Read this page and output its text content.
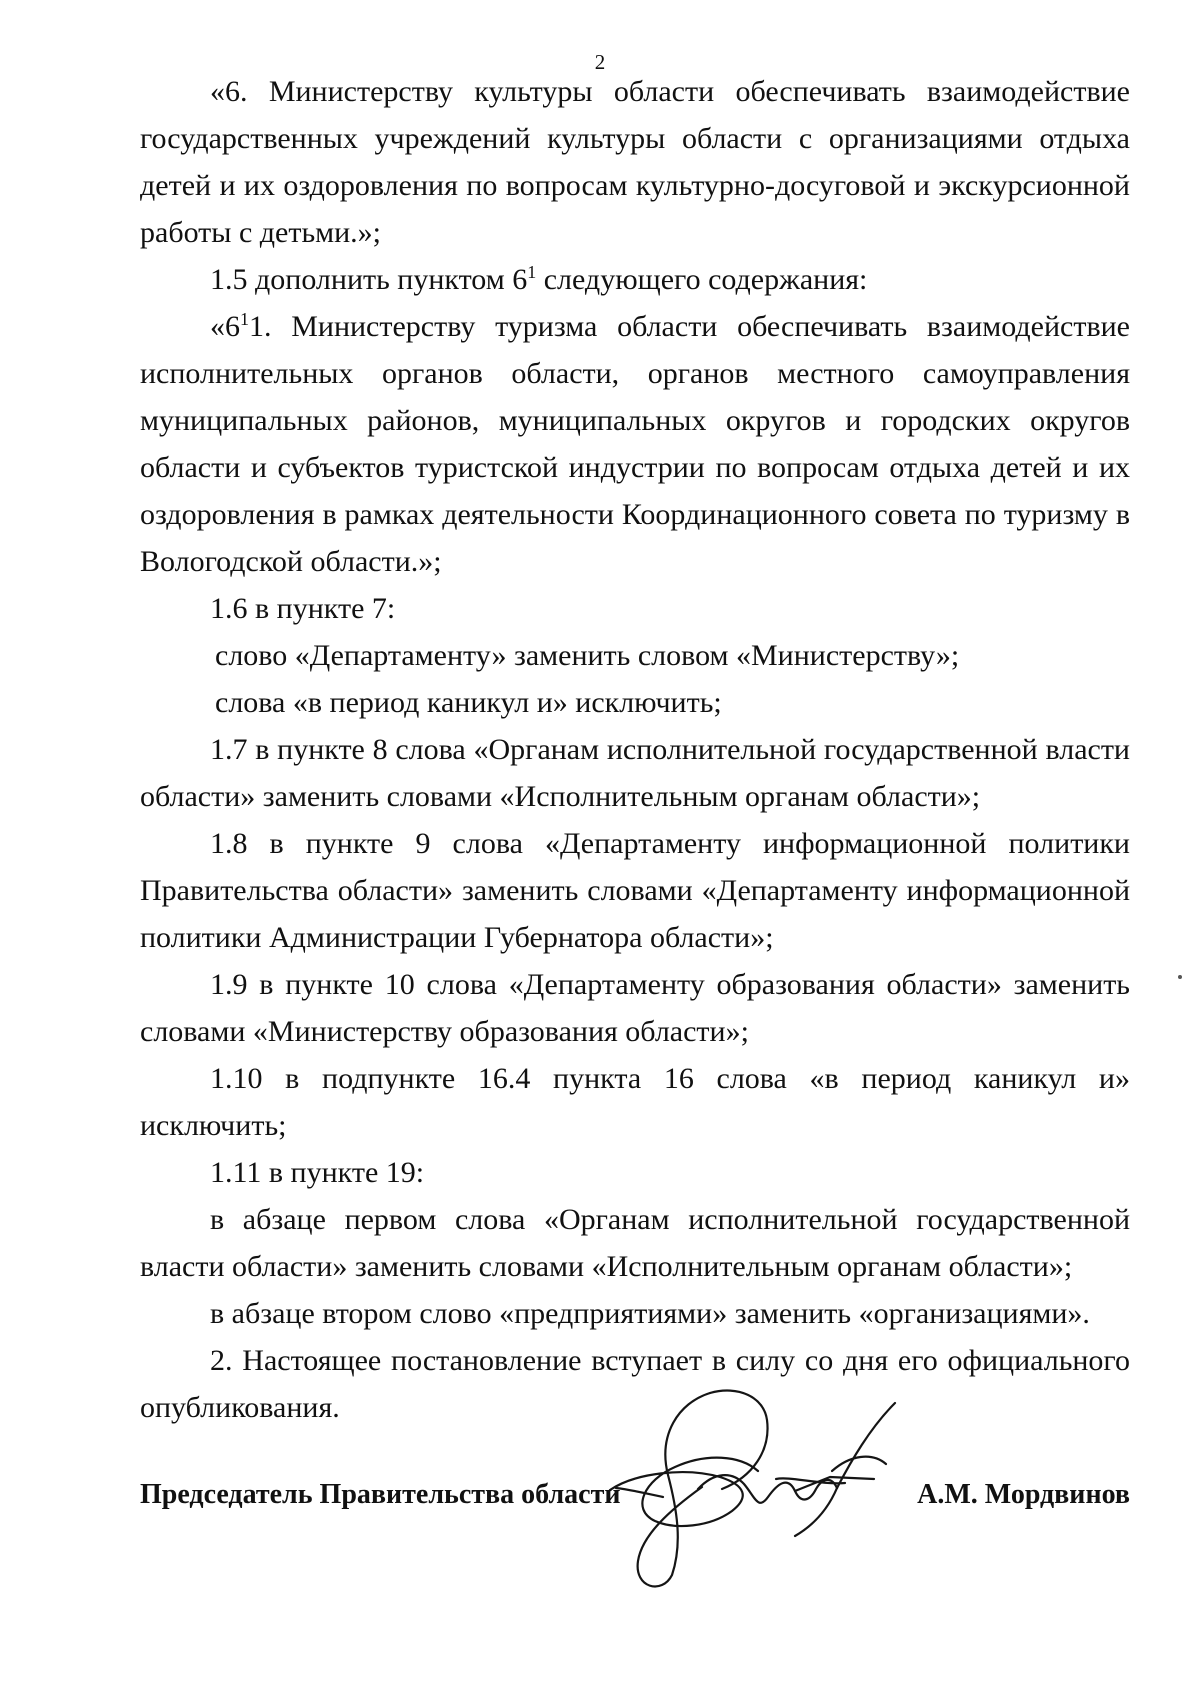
2

«6. Министерству культуры области обеспечивать взаимодействие государственных учреждений культуры области с организациями отдыха детей и их оздоровления по вопросам культурно-досуговой и экскурсионной работы с детьми.»;

1.5 дополнить пунктом $6^1$ следующего содержания:

«$6^11$. Министерству туризма области обеспечивать взаимодействие исполнительных органов области, органов местного самоуправления муниципальных районов, муниципальных округов и городских округов области и субъектов туристской индустрии по вопросам отдыха детей и их оздоровления в рамках деятельности Координационного совета по туризму в Вологодской области.»;

1.6 в пункте 7:

слово «Департаменту» заменить словом «Министерству»;

слова «в период каникул и» исключить;

1.7 в пункте 8 слова «Органам исполнительной государственной власти области» заменить словами «Исполнительным органам области»;

1.8 в пункте 9 слова «Департаменту информационной политики Правительства области» заменить словами «Департаменту информационной политики Администрации Губернатора области»;

1.9 в пункте 10 слова «Департаменту образования области» заменить словами «Министерству образования области»;

1.10 в подпункте 16.4 пункта 16 слова «в период каникул и» исключить;

1.11 в пункте 19:

в абзаце первом слова «Органам исполнительной государственной власти области» заменить словами «Исполнительным органам области»;

в абзаце втором слово «предприятиями» заменить «организациями».

2. Настоящее постановление вступает в силу со дня его официального опубликования.

Председатель Правительства области	А.М. Мордвинов
